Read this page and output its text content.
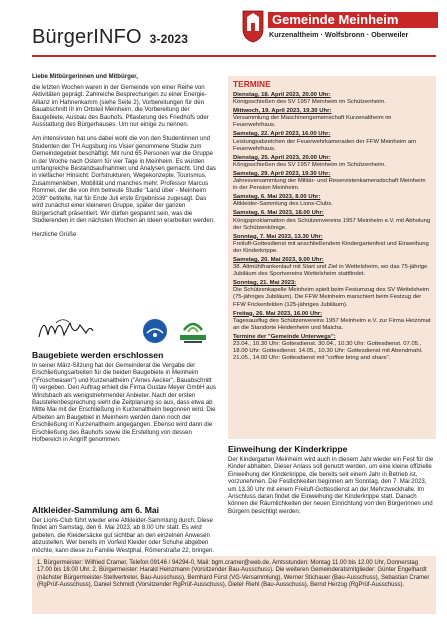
BürgerINFO 3-2023
Gemeinde Meinheim
Kurzenaltheim · Wolfsbronn · Oberweiler
Liebe Mitbürgerinnen und Mitbürger,

die letzten Wochen waren in der Gemeinde von einer Reihe von Aktivitäten geprägt. Zahlreiche Besprechungen zu einer Energie-Allianz im Hahnenkamm (siehe Seite 2), Vorbereitungen für den Bauabschnitt III im Ortsteil Meinheim, die Vorbereitung der Baugebiete, Ausbau des Bauhofs, Pflasterung des Friedhofs oder Ausstattung des Bürgerhauses. Um nur einige zu nennen.

Am intensivsten hat uns dabei wohl die von den Studentinnen und Studenten der TH Augsburg ins Visier genommene Studie zum Gemeindegebiet beschäftigt. Mit rund 65 Personen war die Gruppe in der Woche nach Ostern für vier Tage in Meinheim. Es wurden umfangreiche Bestandsaufnahmen und Analysen gemacht. Und das in vielfacher Hinsicht: Dorfstrukturen, Wegekonzepte, Tourismus, Zusammenleben, Mobilität und manches mehr. Professor Marcus Rommel, der die von ihm betreute Studie "Land über - Meinheim 2039" betitelte, hat für Ende Juli erste Ergebnisse zugesagt. Das wird zunächst einer kleineren Gruppe, später der ganzen Bürgerschaft präsentiert. Wir dürfen gespannt sein, was die Studierenden in den nächsten Wochen an Ideen erarbeiten werden.

Herzliche Grüße

Baugebiete werden erschlossen

In seiner März-Sitzung hat der Gemeinderat die Vergabe der Erschließungsarbeiten für die beiden Baugebiete in Meinheim ("Froschwasen") und Kurzenaltheim ("Ames Aecker", Bauabschnitt II) vergeben. Den Auftrag erhielt die Firma Gustav Meyer GmbH aus Windsbach als wenigstnehmender Anbieter. Nach der ersten Baustellenbesprechung sieht die Zeitplanung so aus, dass etwa ab Mitte Mai mit der Erschließung in Kurzenaltheim begonnen wird. Die Arbeiten am Baugebiet in Meinheim werden dann noch der Erschließung in Kurzenaltheim angegangen. Ebenso wird dann die Erschließung des Bauhofs sowie die Erstellung von dessen Hofbereich in Angriff genommen.

Altkleider-Sammlung am 6. Mai

Der Lions-Club führt wieder eine Altkleider-Sammlung durch. Diese findet am Samstag, den 6. Mai 2023, ab 8.00 Uhr statt. Es wird gebeten, die Kleidersäcke gut sichtbar an den einzelnen Anwesen abzustellen. Wer bereits im Vorfeld Kleider oder Schuhe abgeben möchte, kann diese zu Familie Westphal, Römerstraße 22, bringen.

TERMINE
Dienstag, 18. April 2023, 20.00 Uhr:
Königsschießen des SV 1957 Meinheim im Schützenheim.
Mittwoch, 19. April 2023, 19.30 Uhr:
Versammlung der Maschinengemeinschaft Kurzenaltheim im Feuerwehrhaus.
Samstag, 22. April 2023, 16.00 Uhr:
Leistungsabzeichen der Feuerwehrkameraden der FFW Meinheim am Feuerwehrhaus.
Dienstag, 25. April 2023, 20.00 Uhr:
Königsschießen des SV 1957 Meinheim im Schützenheim.
Samstag, 29. April 2023, 19.30 Uhr:
Jahresversammlung der Militär- und Reservistenkameradschaft Meinheim in der Pension Meinheim.
Samstag, 6. Mai 2023, 8.00 Uhr:
Altkleider-Sammlung des Lions-Clubs.
Samstag, 6. Mai 2023, 18.00 Uhr:
Königsproklamation des Schützenvereins 1957 Meinheim e.V. mit Abholung der Schützenkönige.
Sonntag, 7. Mai 2023, 13.30 Uhr:
Freiluft-Gottesdienst mit anschließendem Kindergartenfest und Einweihung der Kinderkrippe.
Samstag, 20. Mai 2023, 9.00 Uhr:
38. Altmühlfrankenlauf mit Start und Ziel in Wettelsheim, wo das 75-jährige Jubiläum des Sportvereins Wettelsheim stattfindet.
Sonntag, 21. Mai 2023:
Die Schützenkapelle Meinheim spielt beim Festumzug des SV Wettelsheim (75-jähriges Jubiläum). Die FFW Meinheim marschiert beim Festzug der FFW Frickenfelden (125-jähriges Jubiläum).
Freitag, 26. Mai 2023, 16.00 Uhr:
Tagesausflug des Schützenvereins 1957 Meinheim e.V. zur Firma Heizomat an die Standorte Heidenheim und Maicha.
Termine der "Gemeinde Unterwegs":
23.04., 10.30 Uhr: Gottesdienst. 30.04., 10.30 Uhr: Gottesdienst. 07.05., 18.00 Uhr: Gottesdienst. 14.05., 10.30 Uhr: Gottesdienst mit Abendmahl. 21.05., 14.00 Uhr: Gottesdienst mit "coffee bring and share".
Einweihung der Kinderkrippe

Der Kindergarten Meinheim wird auch in diesem Jahr wieder ein Fest für die Kinder abhalten. Dieser Anlass soll genutzt werden, um eine kleine offizielle Einweihung der Kinderkrippe, die bereits seit einem Jahr in Betrieb ist, vorzunehmen. Die Festlichkeiten beginnen am Sonntag, den 7. Mai 2023, um 13.30 Uhr mit einem Freiluft-Gottesdienst an der Mehrzweckhalle. Im Anschluss daran findet die Einweihung der Kinderkrippe statt. Danach können die Räumlichkeiten der neuen Einrichtung von den Bürgerinnen und Bürgern besichtigt werden.

1. Bürgermeister: Wilfried Cramer, Telefon 09146 / 94294-0, Mail: bgm.cramer@web.de, Amtsstunden: Montag 11.00 bis 12.00 Uhr, Donnerstag 17.00 bis 18.00 Uhr. 2. Bürgermeister: Harald Heinzmann (Vorsitzender Bau-Ausschuss). Die weiteren Gemeinderatsmitglieder: Günter Engelhardt (nächster Bürgermeister-Stellvertreter, Bau-Ausschuss), Bernhard Fürst (VG-Versammlung), Werner Stichauer (Bau-Ausschuss), Sebastian Cramer (RgPrüf-Ausschuss), Daniel Schmidt (Vorsitzender RgPrüf-Ausschuss), Dieter Riehl (Bau-Ausschuss), Bernd Herzog (RgPrüf-Ausschuss).
